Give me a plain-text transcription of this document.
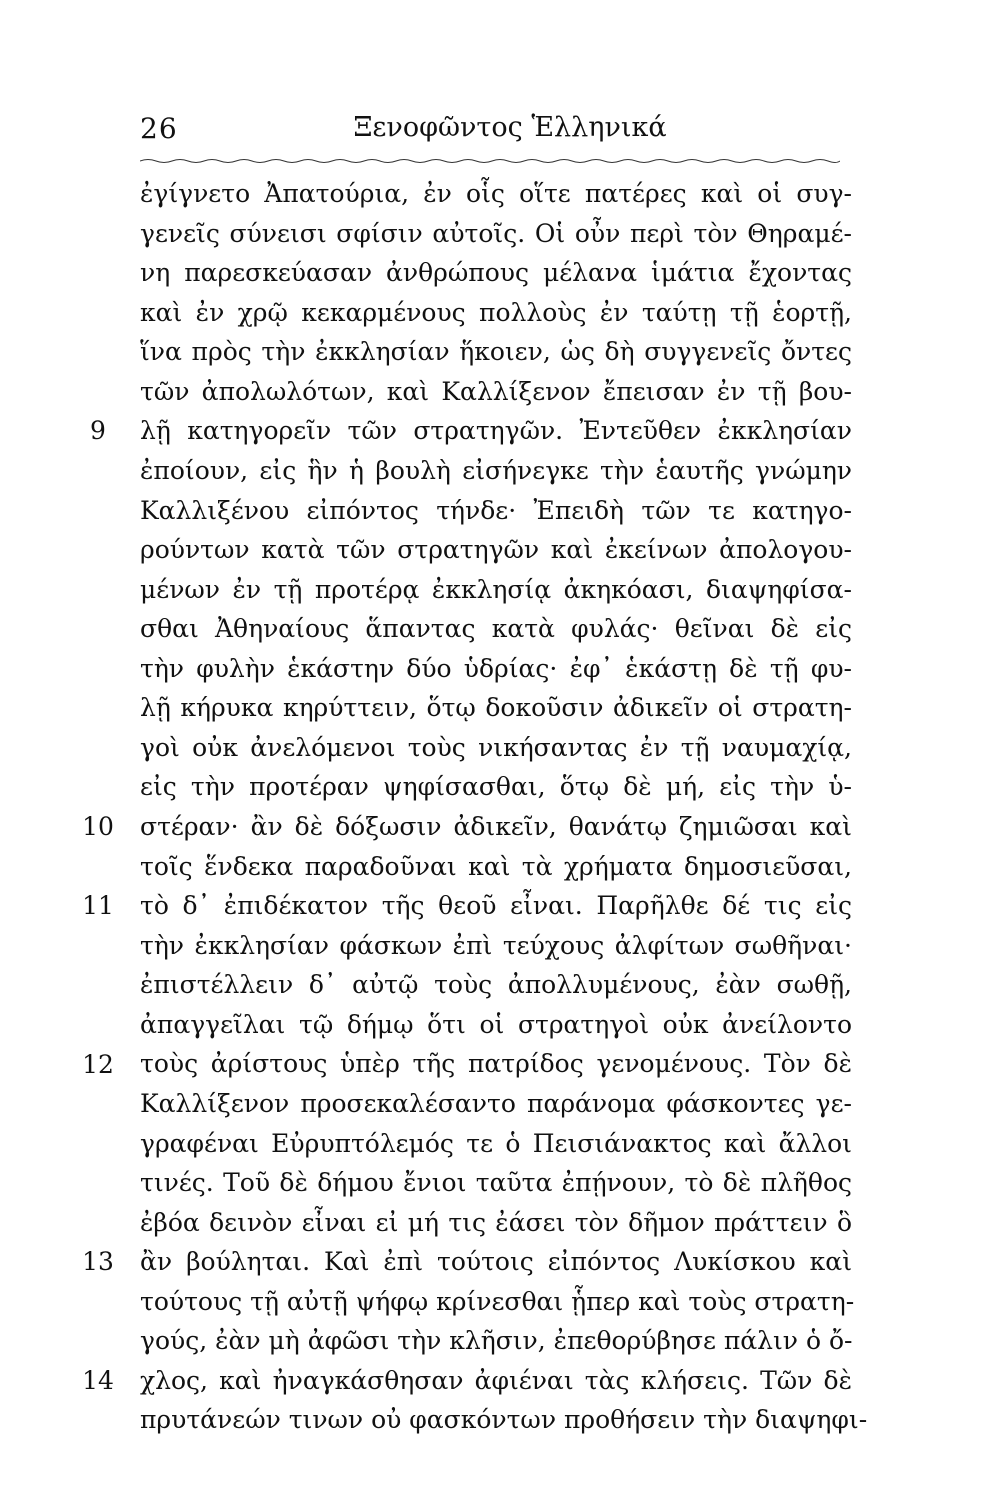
26	Ξενοφῶντος Ἑλληνικά
9
10
11
12
13
14
ἐγίγνετο Ἀπατούρια, ἐν οἷς οἵτε πατέρες καὶ οἱ συγ-
γενεῖς σύνεισι σφίσιν αὐτοῖς. Οἱ οὖν περὶ τὸν Θηραμέ-
νη παρεσκεύασαν ἀνθρώπους μέλανα ἱμάτια ἔχοντας
καὶ ἐν χρῷ κεκαρμένους πολλοὺς ἐν ταύτῃ τῇ ἑορτῇ,
ἵνα πρὸς τὴν ἐκκλησίαν ἥκοιεν, ὡς δὴ συγγενεῖς ὄντες
τῶν ἀπολωλότων, καὶ Καλλίξενον ἔπεισαν ἐν τῇ βου-
λῇ κατηγορεῖν τῶν στρατηγῶν. Ἐντεῦθεν ἐκκλησίαν
ἐποίουν, εἰς ἣν ἡ βουλὴ εἰσήνεγκε τὴν ἑαυτῆς γνώμην
Καλλιξένου εἰπόντος τήνδε· Ἐπειδὴ τῶν τε κατηγο-
ρούντων κατὰ τῶν στρατηγῶν καὶ ἐκείνων ἀπολογου-
μένων ἐν τῇ προτέρᾳ ἐκκλησίᾳ ἀκηκόασι, διαψηφίσα-
σθαι Ἀθηναίους ἅπαντας κατὰ φυλάς· θεῖναι δὲ εἰς
τὴν φυλὴν ἑκάστην δύο ὑδρίας· ἐφ᾽ ἑκάστῃ δὲ τῇ φυ-
λῇ κήρυκα κηρύττειν, ὅτῳ δοκοῦσιν ἀδικεῖν οἱ στρατη-
γοὶ οὐκ ἀνελόμενοι τοὺς νικήσαντας ἐν τῇ ναυμαχίᾳ,
εἰς τὴν προτέραν ψηφίσασθαι, ὅτῳ δὲ μή, εἰς τὴν ὑ-
στέραν· ἂν δὲ δόξωσιν ἀδικεῖν, θανάτῳ ζημιῶσαι καὶ
τοῖς ἕνδεκα παραδοῦναι καὶ τὰ χρήματα δημοσιεῦσαι,
τὸ δ᾽ ἐπιδέκατον τῆς θεοῦ εἶναι. Παρῆλθε δέ τις εἰς
τὴν ἐκκλησίαν φάσκων ἐπὶ τεύχους ἀλφίτων σωθῆναι·
ἐπιστέλλειν δ᾽ αὐτῷ τοὺς ἀπολλυμένους, ἐὰν σωθῇ,
ἀπαγγεῖλαι τῷ δήμῳ ὅτι οἱ στρατηγοὶ οὐκ ἀνείλοντο
τοὺς ἀρίστους ὑπὲρ τῆς πατρίδος γενομένους. Τὸν δὲ
Καλλίξενον προσεκαλέσαντο παράνομα φάσκοντες γε-
γραφέναι Εὐρυπτόλεμός τε ὁ Πεισιάνακτος καὶ ἄλλοι
τινές. Τοῦ δὲ δήμου ἔνιοι ταῦτα ἐπῄνουν, τὸ δὲ πλῆθος
ἐβόα δεινὸν εἶναι εἰ μή τις ἐάσει τὸν δῆμον πράττειν ὃ
ἂν βούληται. Καὶ ἐπὶ τούτοις εἰπόντος Λυκίσκου καὶ
τούτους τῇ αὐτῇ ψήφῳ κρίνεσθαι ᾗπερ καὶ τοὺς στρατη-
γούς, ἐὰν μὴ ἀφῶσι τὴν κλῆσιν, ἐπεθορύβησε πάλιν ὁ ὄ-
χλος, καὶ ἠναγκάσθησαν ἀφιέναι τὰς κλήσεις. Τῶν δὲ
πρυτάνεών τινων οὐ φασκόντων προθήσειν τὴν διαψηφι-
